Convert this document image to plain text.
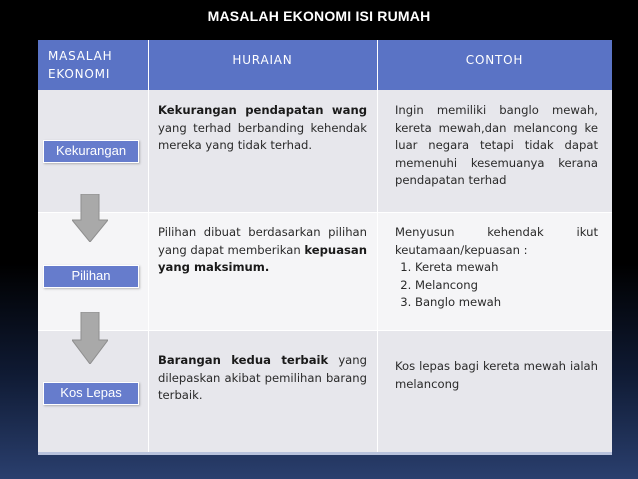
MASALAH EKONOMI ISI RUMAH
MASALAH EKONOMI
HURAIAN	CONTOH
Kekurangan pendapatan wang yang terhad berbanding kehendak mereka yang tidak terhad.
Ingin memiliki banglo mewah, kereta mewah,dan melancong ke luar negara tetapi tidak dapat memenuhi kesemuanya kerana pendapatan terhad
Pilihan dibuat berdasarkan pilihan yang dapat memberikan kepuasan yang maksimum.
Menyusun kehendak ikut keutamaan/kepuasan :
1. Kereta mewah
2. Melancong
3. Banglo mewah
Barangan kedua terbaik yang dilepaskan akibat pemilihan barang terbaik.
Kos lepas bagi kereta mewah ialah melancong
Kekurangan
Pilihan
Kos Lepas
